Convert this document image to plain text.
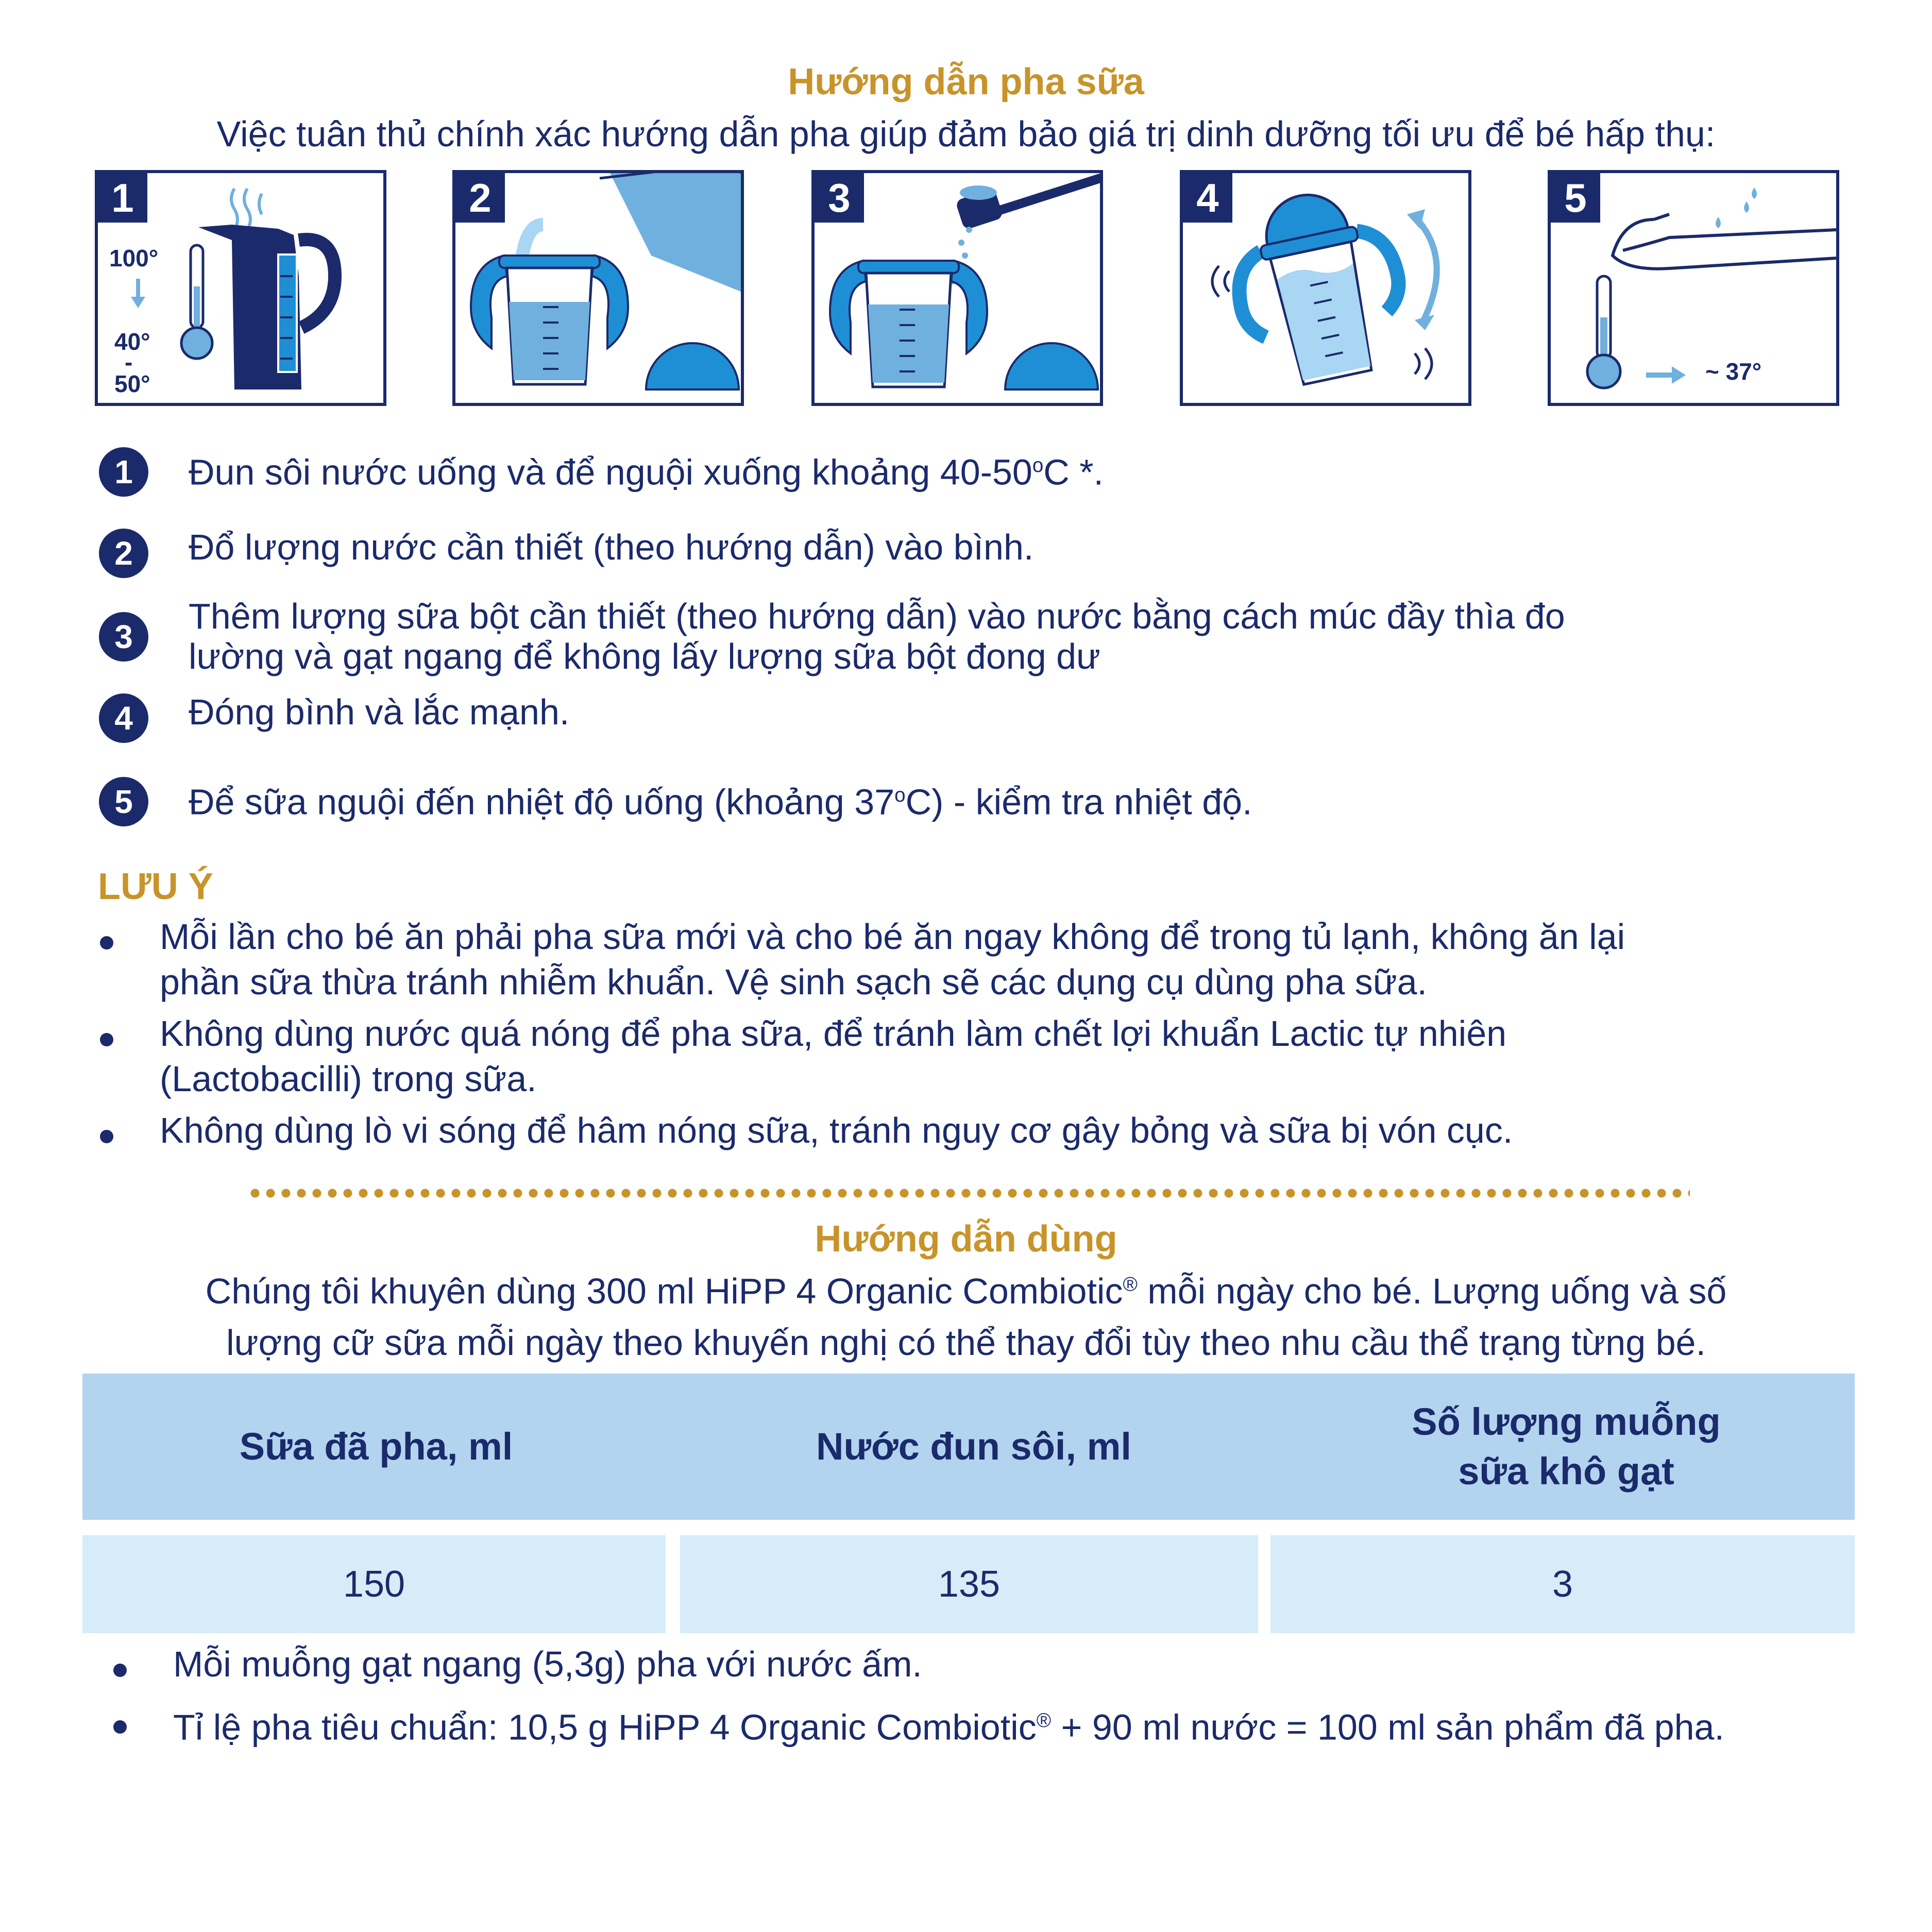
Hướng dẫn pha sữa
Việc tuân thủ chính xác hướng dẫn pha giúp đảm bảo giá trị dinh dưỡng tối ưu để bé hấp thụ:
1
100°
40°
-
50°
2	3	4	5
~ 37°
1	Đun sôi nước uống và để nguội xuống khoảng 40-50$^o$C *.
2	Đổ lượng nước cần thiết (theo hướng dẫn) vào bình.
3
Thêm lượng sữa bột cần thiết (theo hướng dẫn) vào nước bằng cách múc đầy thìa đo
lường và gạt ngang để không lấy lượng sữa bột đong dư
4	Đóng bình và lắc mạnh.
5	Để sữa nguội đến nhiệt độ uống (khoảng 37$^o$C) - kiểm tra nhiệt độ.
LƯU Ý
Mỗi lần cho bé ăn phải pha sữa mới và cho bé ăn ngay không để trong tủ lạnh, không ăn lại
phần sữa thừa tránh nhiễm khuẩn. Vệ sinh sạch sẽ các dụng cụ dùng pha sữa.
Không dùng nước quá nóng để pha sữa, để tránh làm chết lợi khuẩn Lactic tự nhiên
(Lactobacilli) trong sữa.
Không dùng lò vi sóng để hâm nóng sữa, tránh nguy cơ gây bỏng và sữa bị vón cục.
Hướng dẫn dùng
Chúng tôi khuyên dùng 300 ml HiPP 4 Organic Combiotic® mỗi ngày cho bé. Lượng uống và số
lượng cữ sữa mỗi ngày theo khuyến nghị có thể thay đổi tùy theo nhu cầu thể trạng từng bé.
Sữa đã pha, ml	Nước đun sôi, ml
Số lượng muỗng
sữa khô gạt
150	135	3
Mỗi muỗng gạt ngang (5,3g) pha với nước ấm.
Tỉ lệ pha tiêu chuẩn: 10,5 g HiPP 4 Organic Combiotic® + 90 ml nước = 100 ml sản phẩm đã pha.
